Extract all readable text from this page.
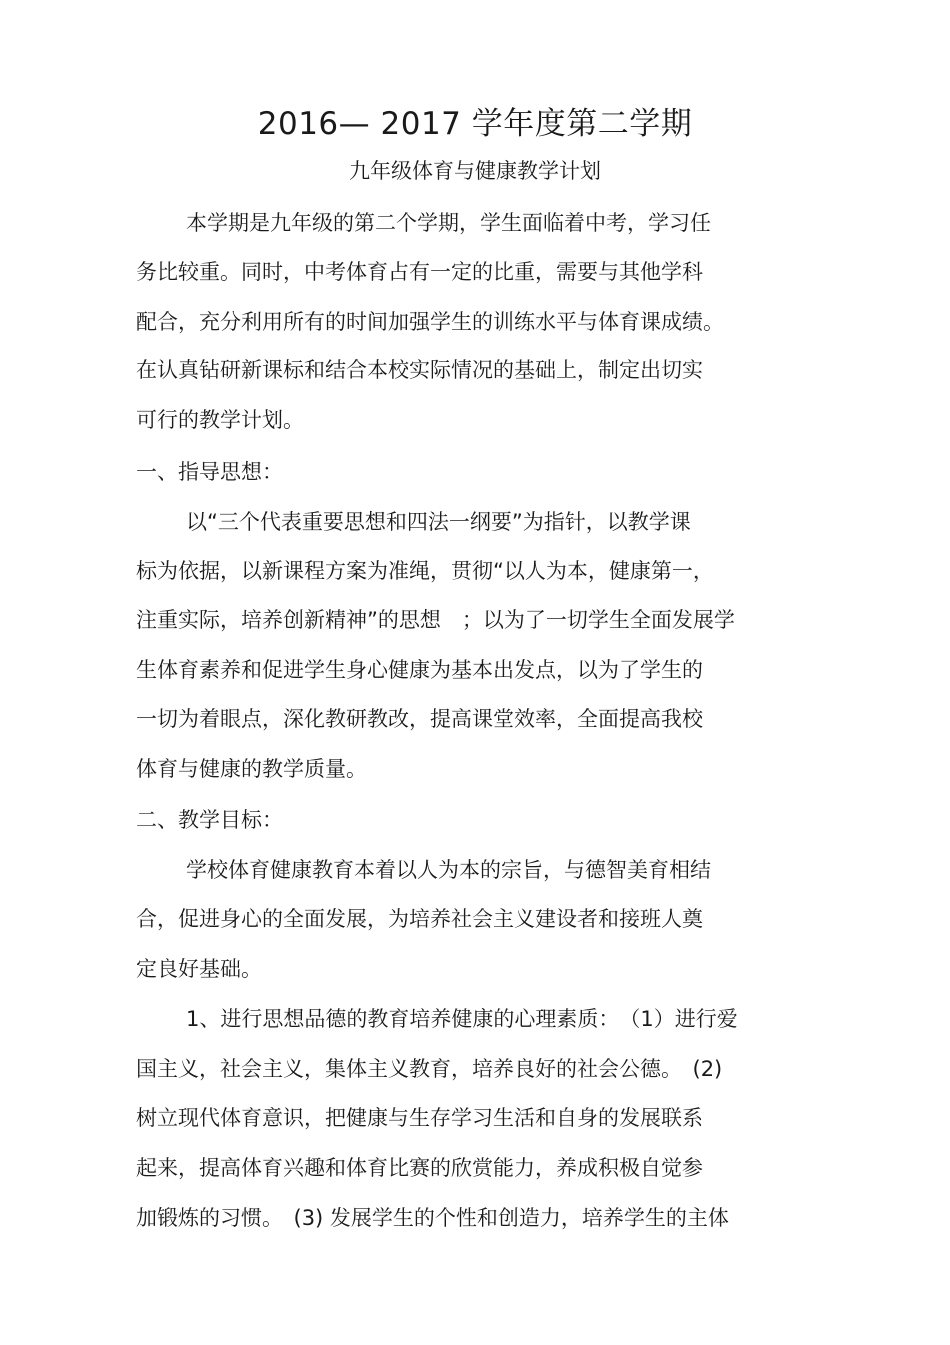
2016— 2017 学年度第二学期
九年级体育与健康教学计划
本学期是九年级的第二个学期，学生面临着中考，学习任
务比较重。同时，中考体育占有一定的比重，需要与其他学科
配合，充分利用所有的时间加强学生的训练水平与体育课成绩。
在认真钻研新课标和结合本校实际情况的基础上，制定出切实
可行的教学计划。
一、指导思想：
以“三个代表重要思想和四法一纲要”为指针，以教学课
标为依据，以新课程方案为准绳，贯彻“以人为本，健康第一，
注重实际，培养创新精神”的思想　；以为了一切学生全面发展学
生体育素养和促进学生身心健康为基本出发点，以为了学生的
一切为着眼点，深化教研教改，提高课堂效率，全面提高我校
体育与健康的教学质量。
二、教学目标：
学校体育健康教育本着以人为本的宗旨，与德智美育相结
合，促进身心的全面发展，为培养社会主义建设者和接班人奠
定良好基础。
1、进行思想品德的教育培养健康的心理素质：　（1）进行爱
国主义，社会主义，集体主义教育，培养良好的社会公德。　(2)
树立现代体育意识，把健康与生存学习生活和自身的发展联系
起来，提高体育兴趣和体育比赛的欣赏能力，养成积极自觉参
加锻炼的习惯。　(3) 发展学生的个性和创造力，培养学生的主体
